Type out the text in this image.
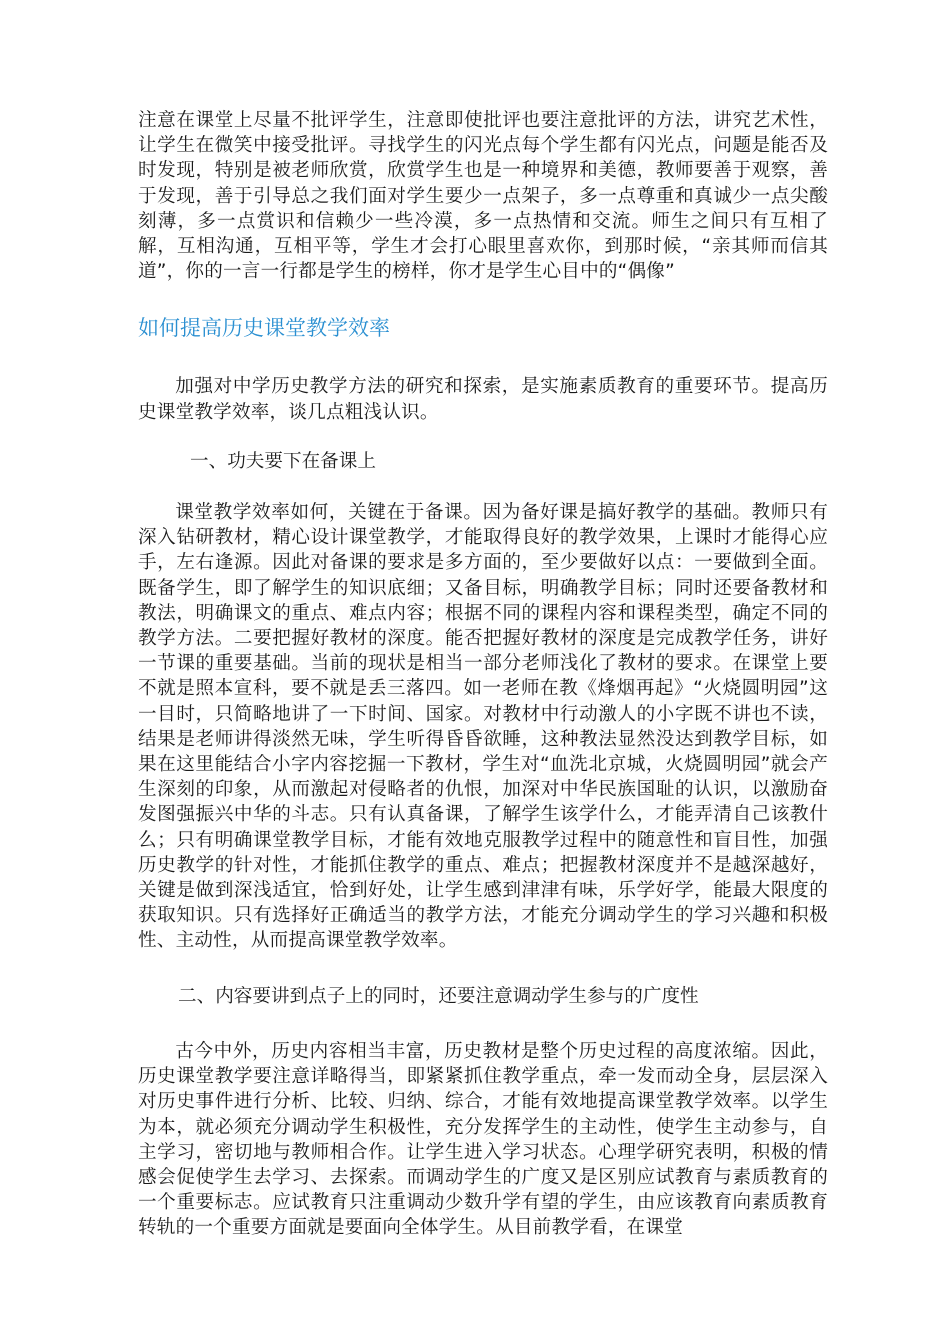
注意在课堂上尽量不批评学生，注意即使批评也要注意批评的方法，讲究艺术性，让学生在微笑中接受批评。寻找学生的闪光点每个学生都有闪光点，问题是能否及时发现，特别是被老师欣赏，欣赏学生也是一种境界和美德，教师要善于观察，善于发现，善于引导总之我们面对学生要少一点架子，多一点尊重和真诚少一点尖酸刻薄，多一点赏识和信赖少一些冷漠，多一点热情和交流。师生之间只有互相了解，互相沟通，互相平等，学生才会打心眼里喜欢你，到那时候，“亲其师而信其道”，你的一言一行都是学生的榜样，你才是学生心目中的“偶像”

如何提高历史课堂教学效率

加强对中学历史教学方法的研究和探索，是实施素质教育的重要环节。提高历史课堂教学效率，谈几点粗浅认识。

一、功夫要下在备课上

课堂教学效率如何，关键在于备课。因为备好课是搞好教学的基础。教师只有深入钻研教材，精心设计课堂教学，才能取得良好的教学效果，上课时才能得心应手，左右逢源。因此对备课的要求是多方面的，至少要做好以点：一要做到全面。既备学生，即了解学生的知识底细；又备目标，明确教学目标；同时还要备教材和教法，明确课文的重点、难点内容；根据不同的课程内容和课程类型，确定不同的教学方法。二要把握好教材的深度。能否把握好教材的深度是完成教学任务，讲好一节课的重要基础。当前的现状是相当一部分老师浅化了教材的要求。在课堂上要不就是照本宣科，要不就是丢三落四。如一老师在教《烽烟再起》“火烧圆明园”这一目时，只简略地讲了一下时间、国家。对教材中行动激人的小字既不讲也不读，结果是老师讲得淡然无味，学生听得昏昏欲睡，这种教法显然没达到教学目标，如果在这里能结合小字内容挖掘一下教材，学生对“血洗北京城，火烧圆明园”就会产生深刻的印象，从而激起对侵略者的仇恨，加深对中华民族国耻的认识，以激励奋发图强振兴中华的斗志。只有认真备课，了解学生该学什么，才能弄清自己该教什么；只有明确课堂教学目标，才能有效地克服教学过程中的随意性和盲目性，加强历史教学的针对性，才能抓住教学的重点、难点；把握教材深度并不是越深越好，关键是做到深浅适宜，恰到好处，让学生感到津津有味，乐学好学，能最大限度的获取知识。只有选择好正确适当的教学方法，才能充分调动学生的学习兴趣和积极性、主动性，从而提高课堂教学效率。

二、内容要讲到点子上的同时，还要注意调动学生参与的广度性

古今中外，历史内容相当丰富，历史教材是整个历史过程的高度浓缩。因此，历史课堂教学要注意详略得当，即紧紧抓住教学重点，牵一发而动全身，层层深入对历史事件进行分析、比较、归纳、综合，才能有效地提高课堂教学效率。以学生为本，就必须充分调动学生积极性，充分发挥学生的主动性，使学生主动参与，自主学习，密切地与教师相合作。让学生进入学习状态。心理学研究表明，积极的情感会促使学生去学习、去探索。而调动学生的广度又是区别应试教育与素质教育的一个重要标志。应试教育只注重调动少数升学有望的学生，由应该教育向素质教育转轨的一个重要方面就是要面向全体学生。从目前教学看，在课堂
